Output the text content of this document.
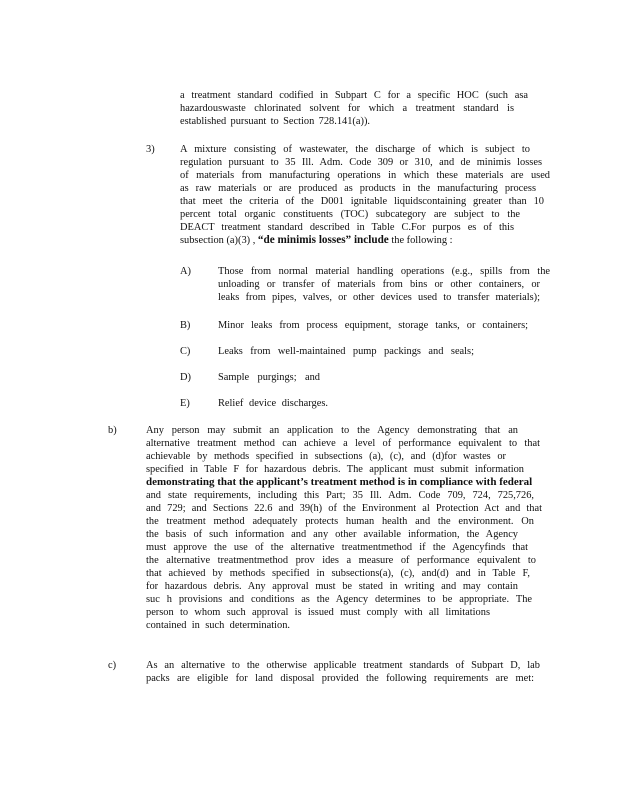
a treatment standard codified in Subpart C for a specific HOC (such asa
hazardouswaste chlorinated solvent for which a treatment standard is
established pursuant to Section 728.141(a)).
3) A mixture consisting of wastewater, the discharge of which is subject to
regulation pursuant to 35 Ill. Adm. Code 309 or 310, and de minimis losses
of materials from manufacturing operations in which these materials are used
as raw materials or are produced as products in the manufacturing process
that meet the criteria of the D001 ignitable liquidscontaining greater than 10
percent total organic constituents (TOC) subcategory are subject to the
DEACT treatment standard described in Table C.For purpos es of this
subsection (a)(3) , “de minimis losses” include the following :
A)	Those from normal material handling operations (e.g., spills from the
unloading or transfer of materials from bins or other containers, or
leaks from pipes, valves, or other devices used to transfer materials);
B)	Minor leaks from process equipment, storage tanks, or containers;
C)	Leaks from well-maintained pump packings and seals;
D)	Sample purgings; and
E)	Relief device discharges.
b)	Any person may submit an application to the Agency demonstrating that an
alternative treatment method can achieve a level of performance equivalent to that
achievable by methods specified in subsections (a), (c), and (d)for wastes or
specified in Table F for hazardous debris. The applicant must submit information
demonstrating that the applicant’s treatment method is in compliance with federal
and state requirements, including this Part; 35 Ill. Adm. Code 709, 724, 725,726,
and 729; and Sections 22.6 and 39(h) of the Environment al Protection Act and that
the treatment method adequately protects human health and the environment. On
the basis of such information and any other available information, the Agency
must approve the use of the alternative treatmentmethod if the Agencyfinds that
the alternative treatmentmethod prov ides a measure of performance equivalent to
that achieved by methods specified in subsections(a), (c), and(d) and in Table F,
for hazardous debris. Any approval must be stated in writing and may contain
suc h provisions and conditions as the Agency determines to be appropriate. The
person to whom such approval is issued must comply with all limitations
contained in such determination.
c)	As an alternative to the otherwise applicable treatment standards of Subpart D, lab
packs are eligible for land disposal provided the following requirements are met:
